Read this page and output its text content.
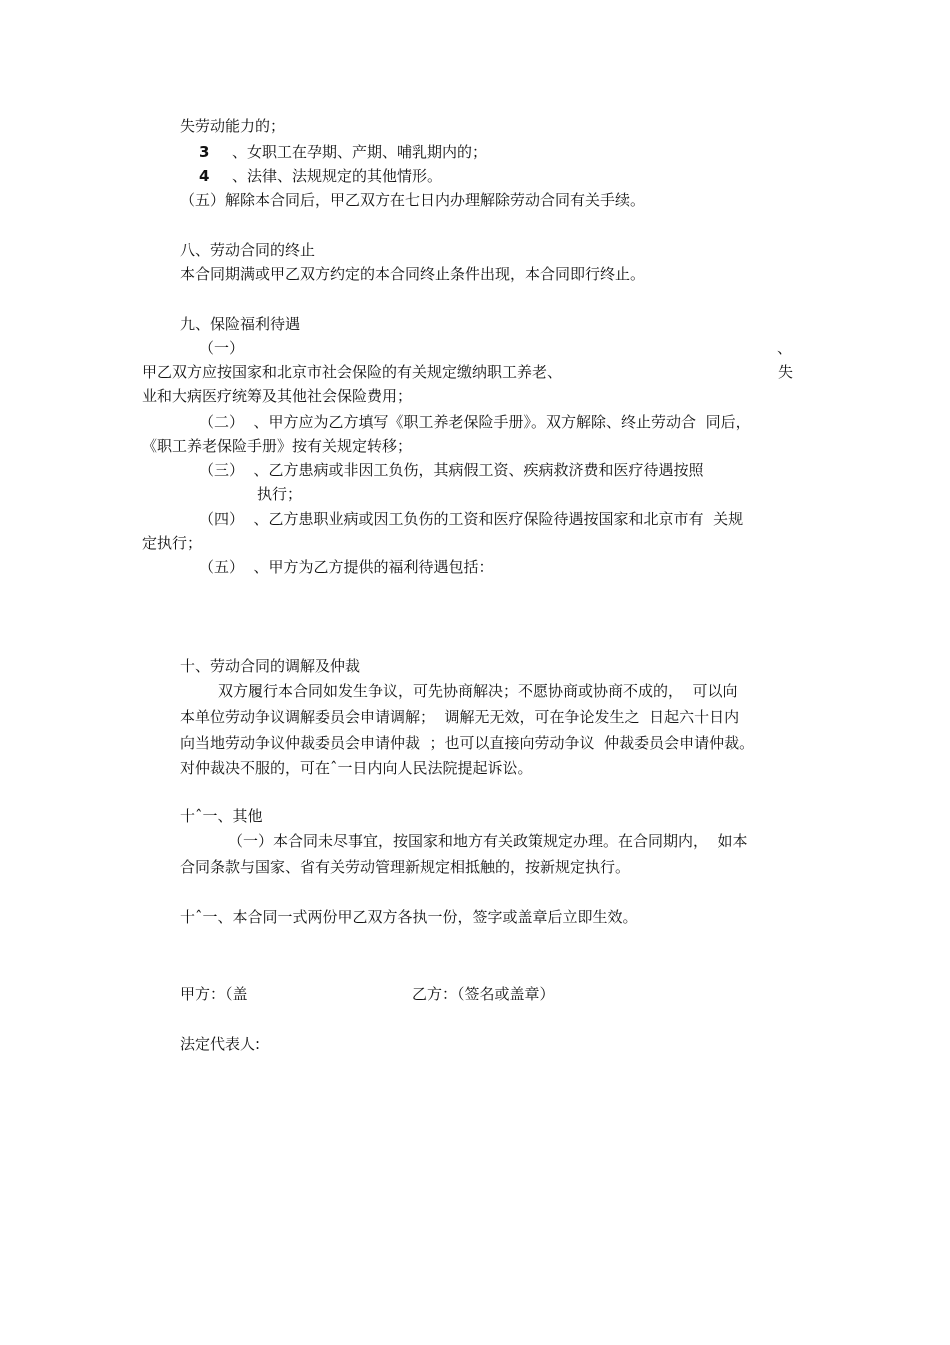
失劳动能力的；
3 、女职工在孕期、产期、哺乳期内的；
4 、法律、法规规定的其他情形。
（五）解除本合同后，甲乙双方在七日内办理解除劳动合同有关手续。
八、劳动合同的终止
本合同期满或甲乙双方约定的本合同终止条件出现，本合同即行终止。
九、保险福利待遇
（一）	、
甲乙双方应按国家和北京市社会保险的有关规定缴纳职工养老、	失
业和大病医疗统筹及其他社会保险费用；
（二）  、甲方应为乙方填写《职工养老保险手册》。双方解除、终止劳动合  同后，
《职工养老保险手册》按有关规定转移；
（三）  、乙方患病或非因工负伤，其病假工资、疾病救济费和医疗待遇按照
执行；
（四）  、乙方患职业病或因工负伤的工资和医疗保险待遇按国家和北京市有  关规
定执行；
（五）  、甲方为乙方提供的福利待遇包括：
十、劳动合同的调解及仲裁
双方履行本合同如发生争议，可先协商解决；不愿协商或协商不成的，  可以向
本单位劳动争议调解委员会申请调解；  调解无无效，可在争论发生之  日起六十日内
向当地劳动争议仲裁委员会申请仲裁  ；也可以直接向劳动争议  仲裁委员会申请仲裁。
对仲裁决不服的，可在ˆ一日内向人民法院提起诉讼。
十ˆ一、其他
（一）本合同未尽事宜，按国家和地方有关政策规定办理。在合同期内，  如本
合同条款与国家、省有关劳动管理新规定相抵触的，按新规定执行。
十ˆ一、本合同一式两份甲乙双方各执一份，签字或盖章后立即生效。
甲方：（盖	乙方：（签名或盖章）
法定代表人:
